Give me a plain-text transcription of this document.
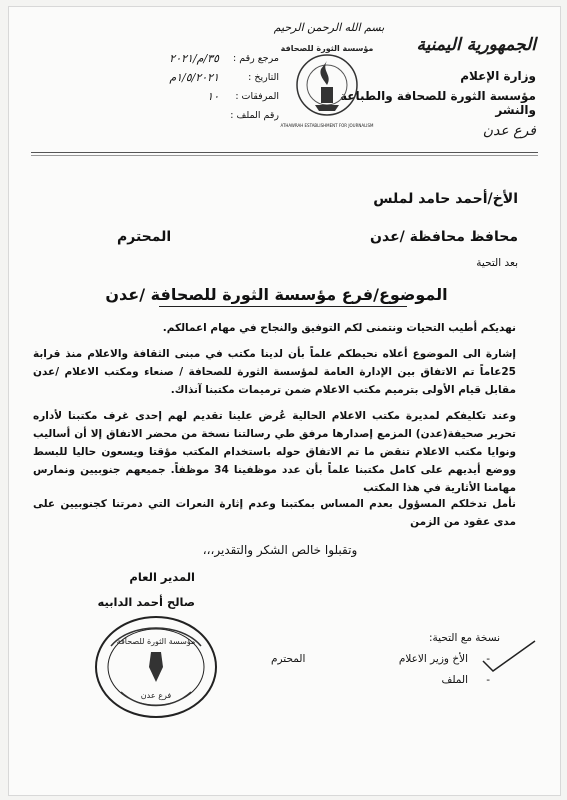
الجمهورية اليمنية
وزارة الإعلام
مؤسسة الثورة للصحافة والطباعة والنشر
فرع عدن
بسم الله الرحمن الرحيم
مؤسسة الثورة للصحافة
ATHAWRAH ESTABLISHMENT FOR JOURNALISM
مرجع رقم :
٣٥/م/٢٠٢١
التاريخ :
١/٥/٢٠٢١م
المرفقات :
١٠
رقم الملف :
الأخ/أحمد حامد لملس
محافظ محافظة /عدن
المحترم
بعد التحية
الموضوع/فرع مؤسسة الثورة للصحافة /عدن
نهديكم أطيب التحيات ونتمنى لكم التوفيق والنجاح في مهام اعمالكم.
إشارة الى الموضوع أعلاه نحيطكم علماً بأن لدينا مكتب في مبنى الثقافة والاعلام منذ قرابة 25عاماً تم الاتفاق بين الإدارة العامة لمؤسسة الثورة للصحافة / صنعاء ومكتب الاعلام /عدن مقابل قيام الأولى بترميم مكتب الاعلام ضمن ترميمات مكتبنا آنذاك.
وعند تكليفكم لمديرة مكتب الاعلام الحالية عُرض علينا تقديم لهم إحدى غرف مكتبنا لأداره تحرير صحيفة(عدن) المزمع إصدارها مرفق طي رسالتنا نسخة من محضر الاتفاق إلا أن أساليب ونوايا مكتب الاعلام تنقض ما تم الاتفاق حوله باستخدام المكتب مؤقتا ويسعون حاليا للبسط ووضع أيديهم على كامل مكتبنا علماً بأن عدد موظفينا 34 موظفاً. جميعهم جنوبيين ونمارس مهامنا الأثارية في هذا المكتب
نأمل تدخلكم المسؤول بعدم المساس بمكتبنا وعدم إثارة النعرات التي دمرتنا كجنوبيين على مدى عقود من الزمن
وتقبلوا خالص الشكر والتقدير،،،
المدير العام
صالح أحمد الدابيه
مؤسسة الثورة للصحافة
فرع عدن
نسخة مع التحية:
الأخ وزير الاعلام
المحترم
الملف
-
-
